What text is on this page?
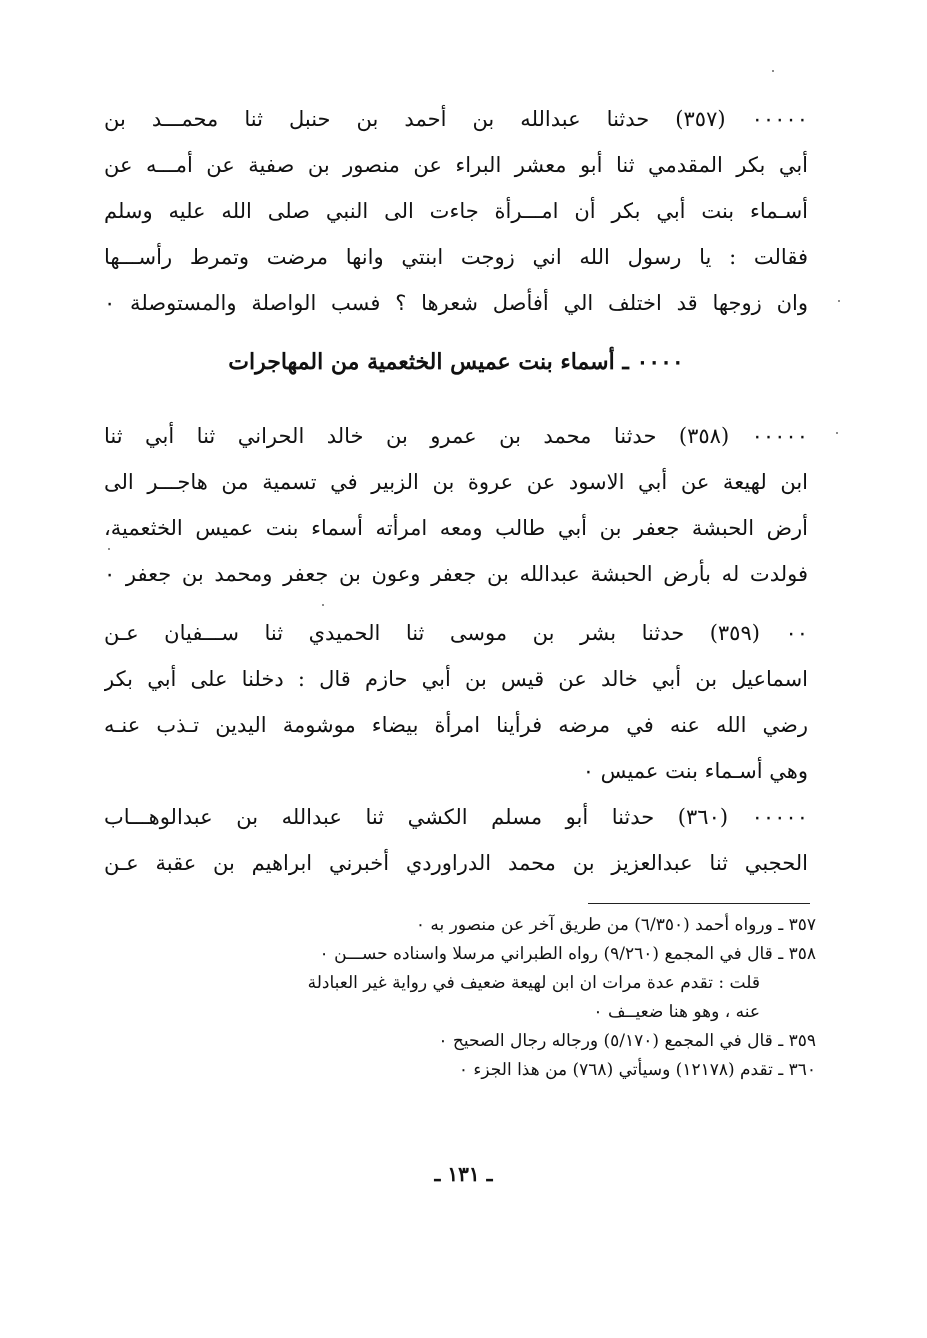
٠٠٠٠٠ (٣٥٧) حدثنا عبدالله بن أحمد بن حنبل ثنا محمـــد بن
أبي بكر المقدمي ثنا أبو معشر البراء عن منصور بن صفية عن أمـــه عن
أسـماء بنت أبي بكر أن امـــرأة جاءت الى النبي صلى الله عليه وسلم
فقالت : يا رسول الله اني زوجت ابنتي وانها مرضت وتمرط رأســـها
وان زوجها قد اختلف الي أفأصل شعرها ؟ فسب الواصلة والمستوصلة ٠
٠٠٠٠ ـ أسماء بنت عميس الخثعمية من المهاجرات
٠٠٠٠٠ (٣٥٨) حدثنا محمد بن عمرو بن خالد الحراني ثنا أبي ثنا
ابن لهيعة عن أبي الاسود عن عروة بن الزبير في تسمية من هاجـــر الى
أرض الحبشة جعفر بن أبي طالب ومعه امرأته أسماء بنت عميس الخثعمية،
فولدت له بأرض الحبشة عبدالله بن جعفر وعون بن جعفر ومحمد بن جعفر ٠
٠٠ (٣٥٩) حدثنا بشر بن موسى ثنا الحميدي ثنا ســـفيان عـن
اسماعيل بن أبي خالد عن قيس بن أبي حازم قال : دخلنا على أبي بكر
رضي الله عنه في مرضه فرأينا امرأة بيضاء موشومة اليدين تـذب عنـه
وهي أسـماء بنت عميس ٠
٠٠٠٠٠ (٣٦٠) حدثنا أبو مسلم الكشي ثنا عبدالله بن عبدالوهـــاب
الحجبي ثنا عبدالعزيز بن محمد الدراوردي أخبرني ابراهيم بن عقبة عـن
٣٥٧ ـ ورواه أحمد (٦/٣٥٠) من طريق آخر عن منصور به ٠
٣٥٨ ـ قال في المجمع (٩/٢٦٠) رواه الطبراني مرسلا واسناده حســـن ٠
قلت : تقدم عدة مرات ان ابن لهيعة ضعيف في رواية غير العبادلة
عنه ، وهو هنا ضعيــف ٠
٣٥٩ ـ قال في المجمع (٥/١٧٠) ورجاله رجال الصحيح ٠
٣٦٠ ـ تقدم (١٢١٧٨) وسيأتي (٧٦٨) من هذا الجزء ٠
ـ ١٣١ ـ
